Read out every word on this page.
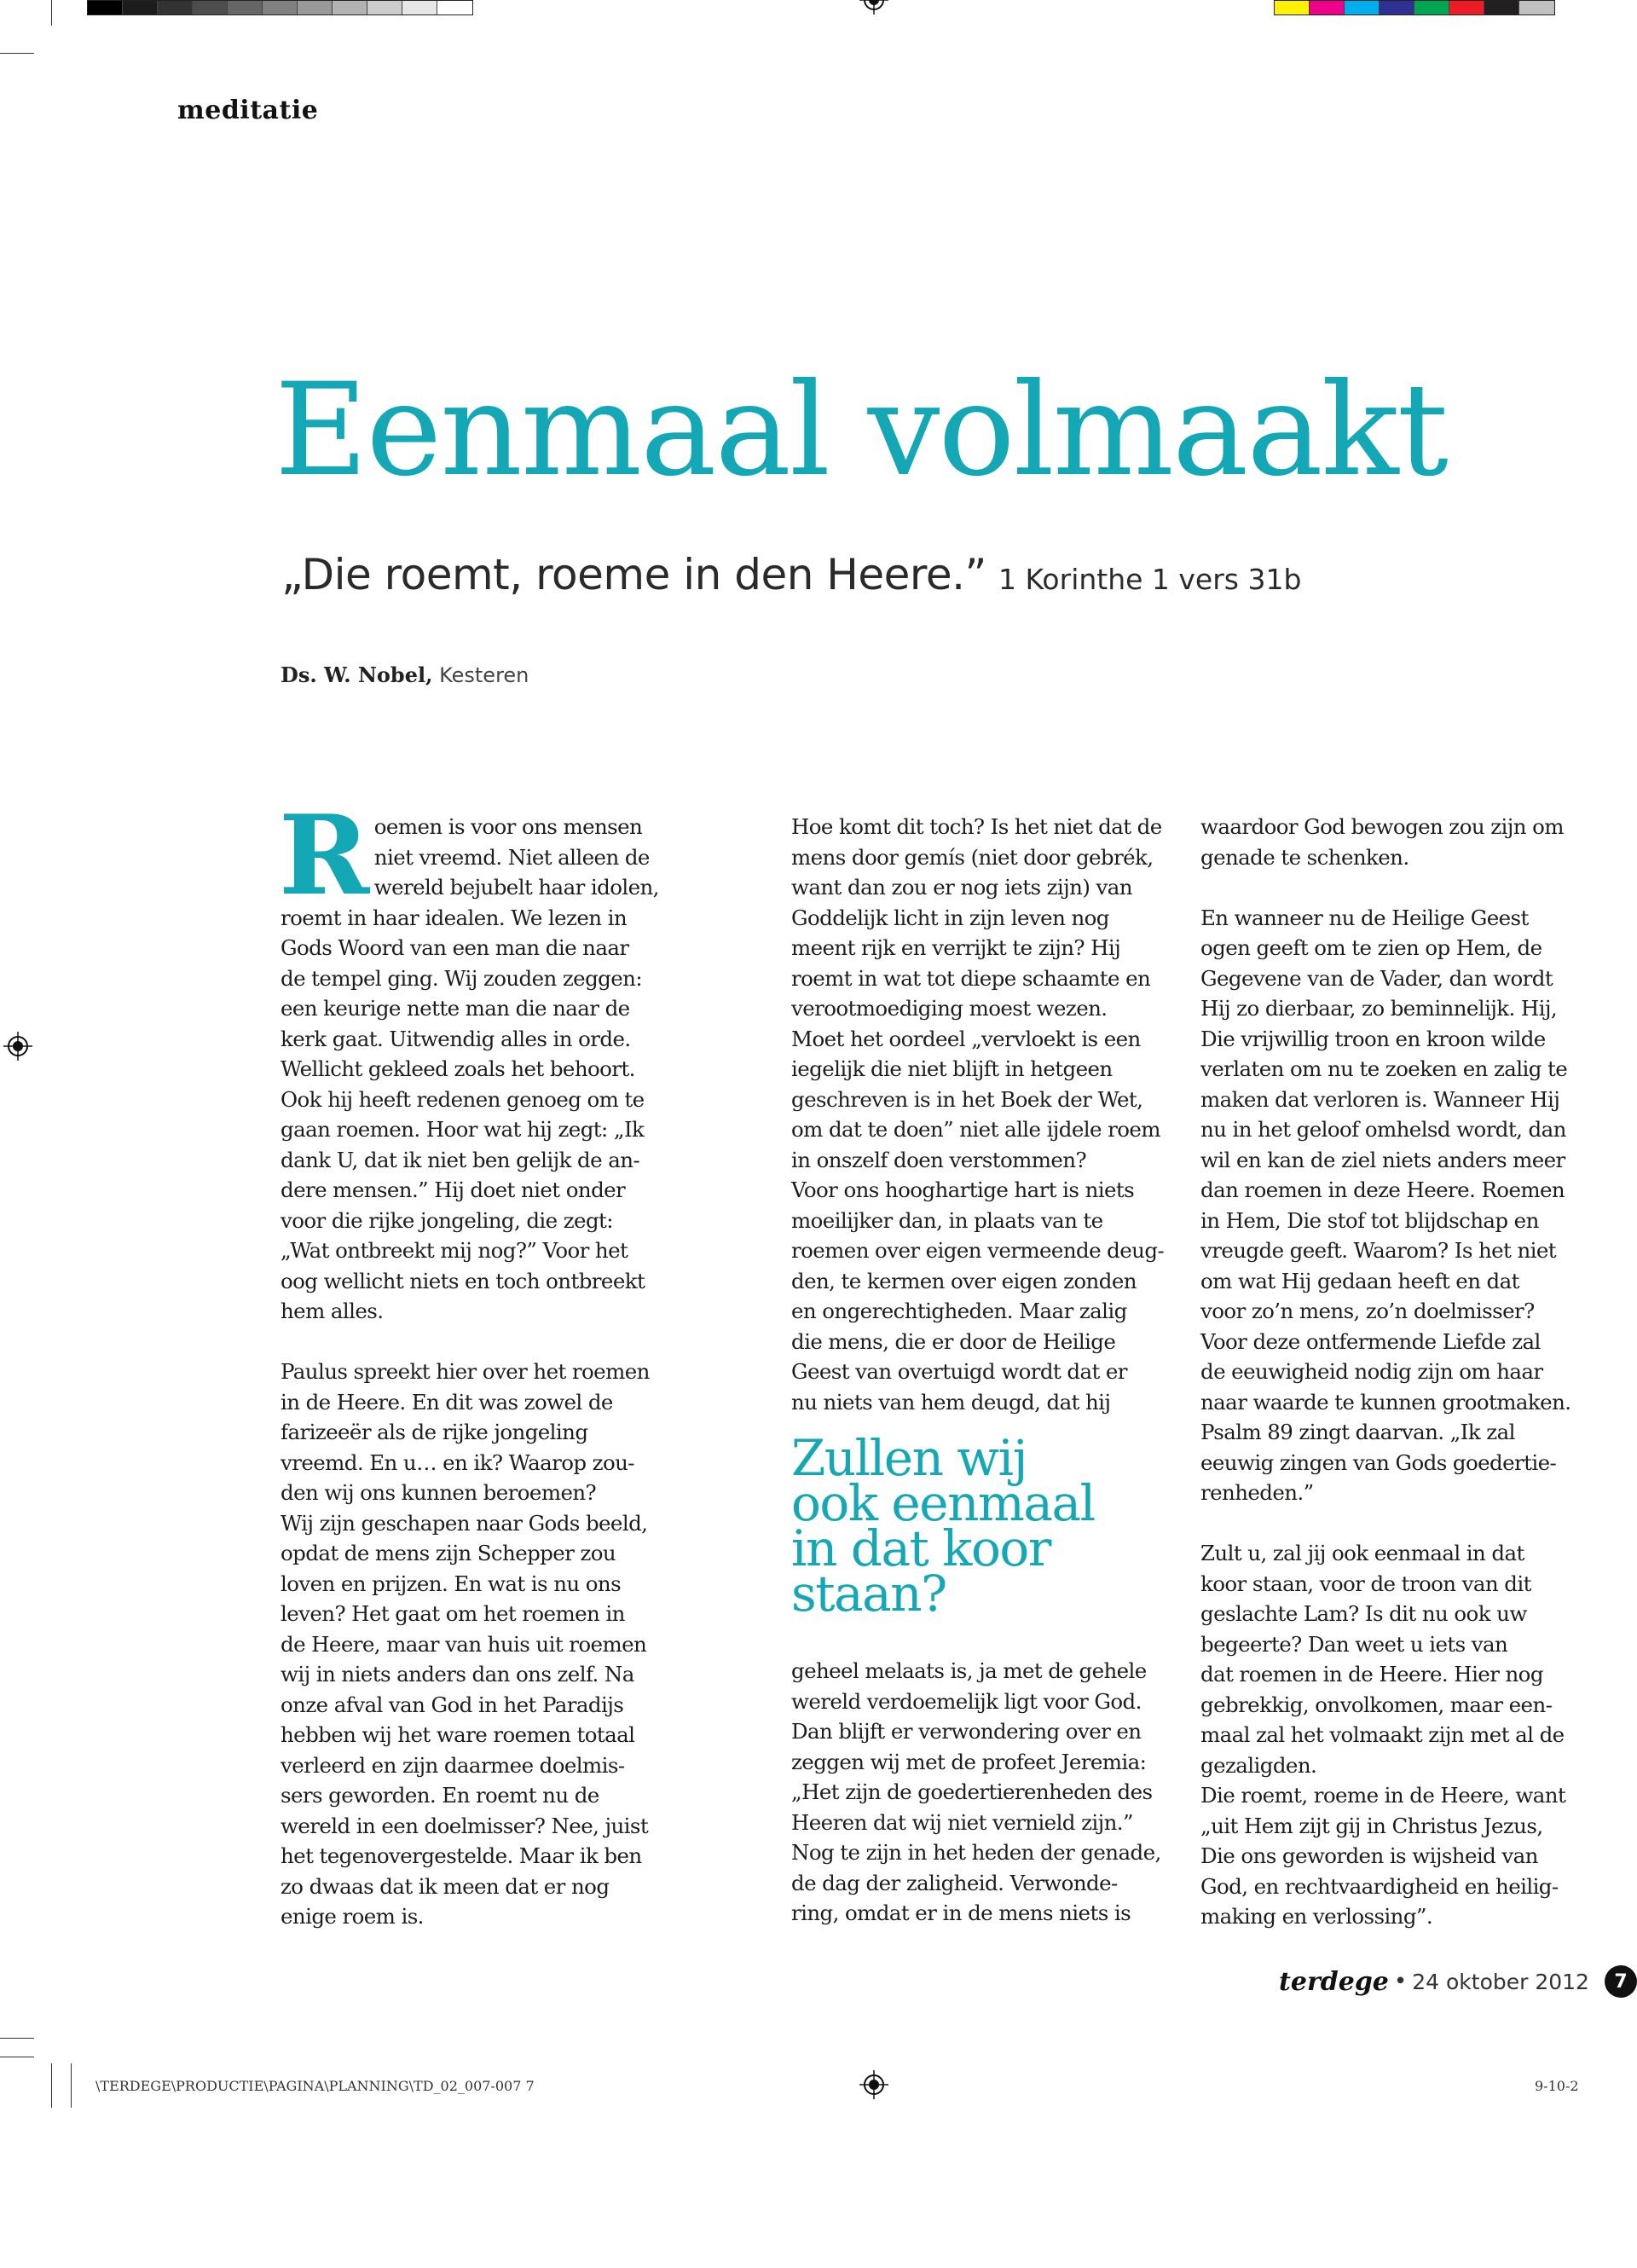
meditatie
Eenmaal volmaakt
„Die roemt, roeme in den Heere.” 1 Korinthe 1 vers 31b
Ds. W. Nobel, Kesteren

Roemen is voor ons mensen
niet vreemd. Niet alleen de
wereld bejubelt haar idolen,
roemt in haar idealen. We lezen in
Gods Woord van een man die naar
de tempel ging. Wij zouden zeggen:
een keurige nette man die naar de
kerk gaat. Uitwendig alles in orde.
Wellicht gekleed zoals het behoort.
Ook hij heeft redenen genoeg om te
gaan roemen. Hoor wat hij zegt: „Ik
dank U, dat ik niet ben gelijk de an-
dere mensen.” Hij doet niet onder
voor die rijke jongeling, die zegt:
„Wat ontbreekt mij nog?” Voor het
oog wellicht niets en toch ontbreekt
hem alles.

Paulus spreekt hier over het roemen
in de Heere. En dit was zowel de
farizeeër als de rijke jongeling
vreemd. En u… en ik? Waarop zou-
den wij ons kunnen beroemen?
Wij zijn geschapen naar Gods beeld,
opdat de mens zijn Schepper zou
loven en prijzen. En wat is nu ons
leven? Het gaat om het roemen in
de Heere, maar van huis uit roemen
wij in niets anders dan ons zelf. Na
onze afval van God in het Paradijs
hebben wij het ware roemen totaal
verleerd en zijn daarmee doelmis-
sers geworden. En roemt nu de
wereld in een doelmisser? Nee, juist
het tegenovergestelde. Maar ik ben
zo dwaas dat ik meen dat er nog
enige roem is.

Hoe komt dit toch? Is het niet dat de
mens door gemís (niet door gebrék,
want dan zou er nog iets zijn) van
Goddelijk licht in zijn leven nog
meent rijk en verrijkt te zijn? Hij
roemt in wat tot diepe schaamte en
verootmoediging moest wezen.
Moet het oordeel „vervloekt is een
iegelijk die niet blijft in hetgeen
geschreven is in het Boek der Wet,
om dat te doen” niet alle ijdele roem
in onszelf doen verstommen?
Voor ons hooghartige hart is niets
moeilijker dan, in plaats van te
roemen over eigen vermeende deug-
den, te kermen over eigen zonden
en ongerechtigheden. Maar zalig
die mens, die er door de Heilige
Geest van overtuigd wordt dat er
nu niets van hem deugd, dat hij

Zullen wij
ook eenmaal
in dat koor
staan?

geheel melaats is, ja met de gehele
wereld verdoemelijk ligt voor God.
Dan blijft er verwondering over en
zeggen wij met de profeet Jeremia:
„Het zijn de goedertierenheden des
Heeren dat wij niet vernield zijn.”
Nog te zijn in het heden der genade,
de dag der zaligheid. Verwonde-
ring, omdat er in de mens niets is

waardoor God bewogen zou zijn om
genade te schenken.

En wanneer nu de Heilige Geest
ogen geeft om te zien op Hem, de
Gegevene van de Vader, dan wordt
Hij zo dierbaar, zo beminnelijk. Hij,
Die vrijwillig troon en kroon wilde
verlaten om nu te zoeken en zalig te
maken dat verloren is. Wanneer Hij
nu in het geloof omhelsd wordt, dan
wil en kan de ziel niets anders meer
dan roemen in deze Heere. Roemen
in Hem, Die stof tot blijdschap en
vreugde geeft. Waarom? Is het niet
om wat Hij gedaan heeft en dat
voor zo’n mens, zo’n doelmisser?
Voor deze ontfermende Liefde zal
de eeuwigheid nodig zijn om haar
naar waarde te kunnen grootmaken.
Psalm 89 zingt daarvan. „Ik zal
eeuwig zingen van Gods goedertie-
renheden.”

Zult u, zal jij ook eenmaal in dat
koor staan, voor de troon van dit
geslachte Lam? Is dit nu ook uw
begeerte? Dan weet u iets van
dat roemen in de Heere. Hier nog
gebrekkig, onvolkomen, maar een-
maal zal het volmaakt zijn met al de
gezaligden.
Die roemt, roeme in de Heere, want
„uit Hem zijt gij in Christus Jezus,
Die ons geworden is wijsheid van
God, en rechtvaardigheid en heilig-
making en verlossing”.

terdege • 24 oktober 2012	7
\TERDEGE\PRODUCTIE\PAGINA\PLANNING\TD_02_007-007 7	9-10-2
